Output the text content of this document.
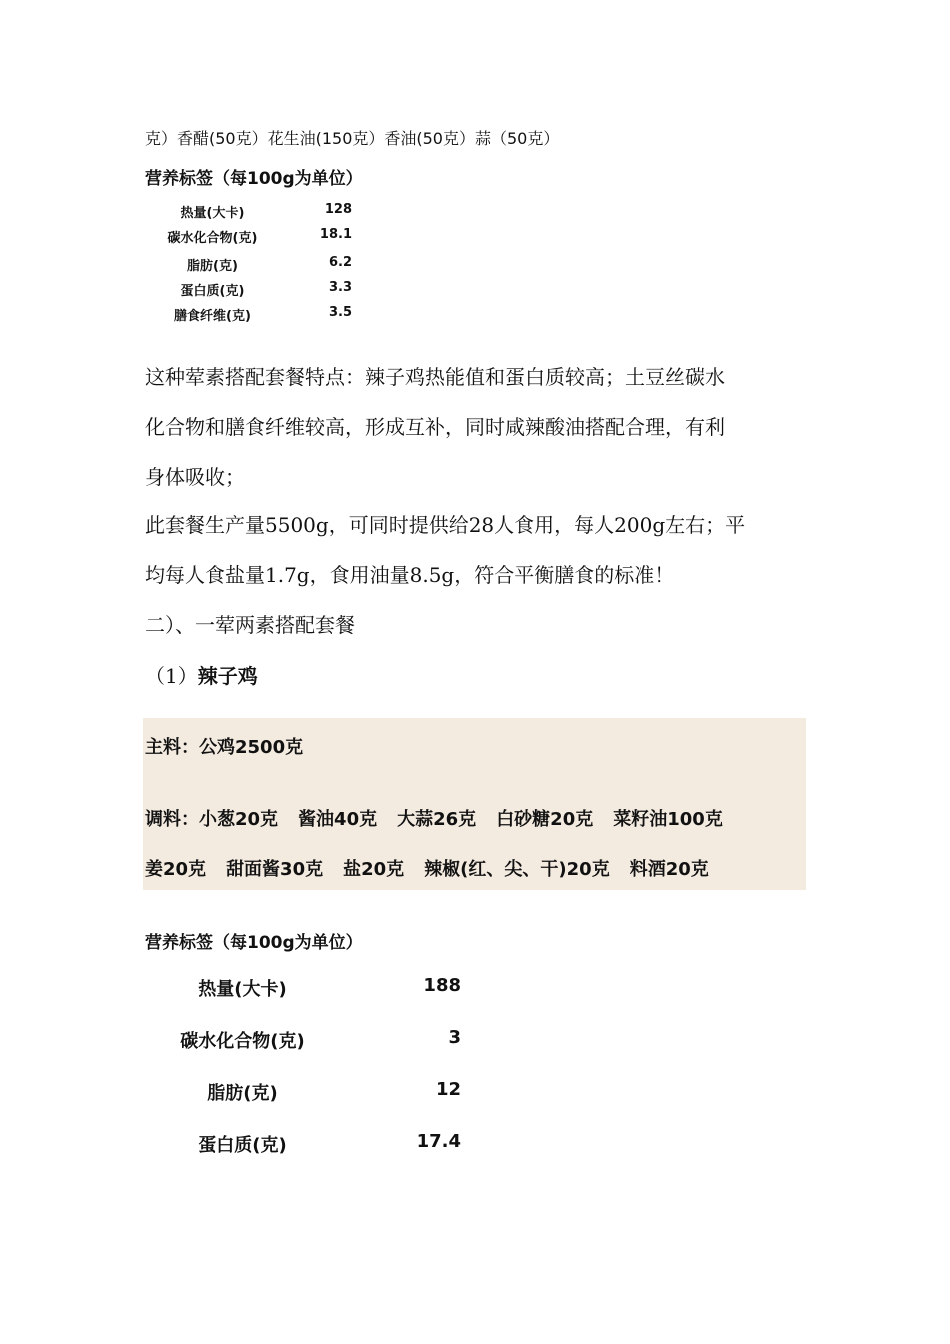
克）香醋(50克）花生油(150克）香油(50克）蒜（50克）
营养标签（每100g为单位）
热量(大卡)	128
碳水化合物(克)	18.1
脂肪(克)	6.2
蛋白质(克)	3.3
膳食纤维(克)	3.5
这种荤素搭配套餐特点：辣子鸡热能值和蛋白质较高；土豆丝碳水
化合物和膳食纤维较高，形成互补，同时咸辣酸油搭配合理，有利
身体吸收；
此套餐生产量5500g，可同时提供给28人食用，每人200g左右；平
均每人食盐量1.7g，食用油量8.5g，符合平衡膳食的标准！
二）、一荤两素搭配套餐
（1）辣子鸡
主料：公鸡2500克
调料：小葱20克 酱油40克 大蒜26克 白砂糖20克 菜籽油100克
姜20克 甜面酱30克 盐20克 辣椒(红、尖、干)20克 料酒20克
营养标签（每100g为单位）
热量(大卡)	188
碳水化合物(克)	3
脂肪(克)	12
蛋白质(克)	17.4
